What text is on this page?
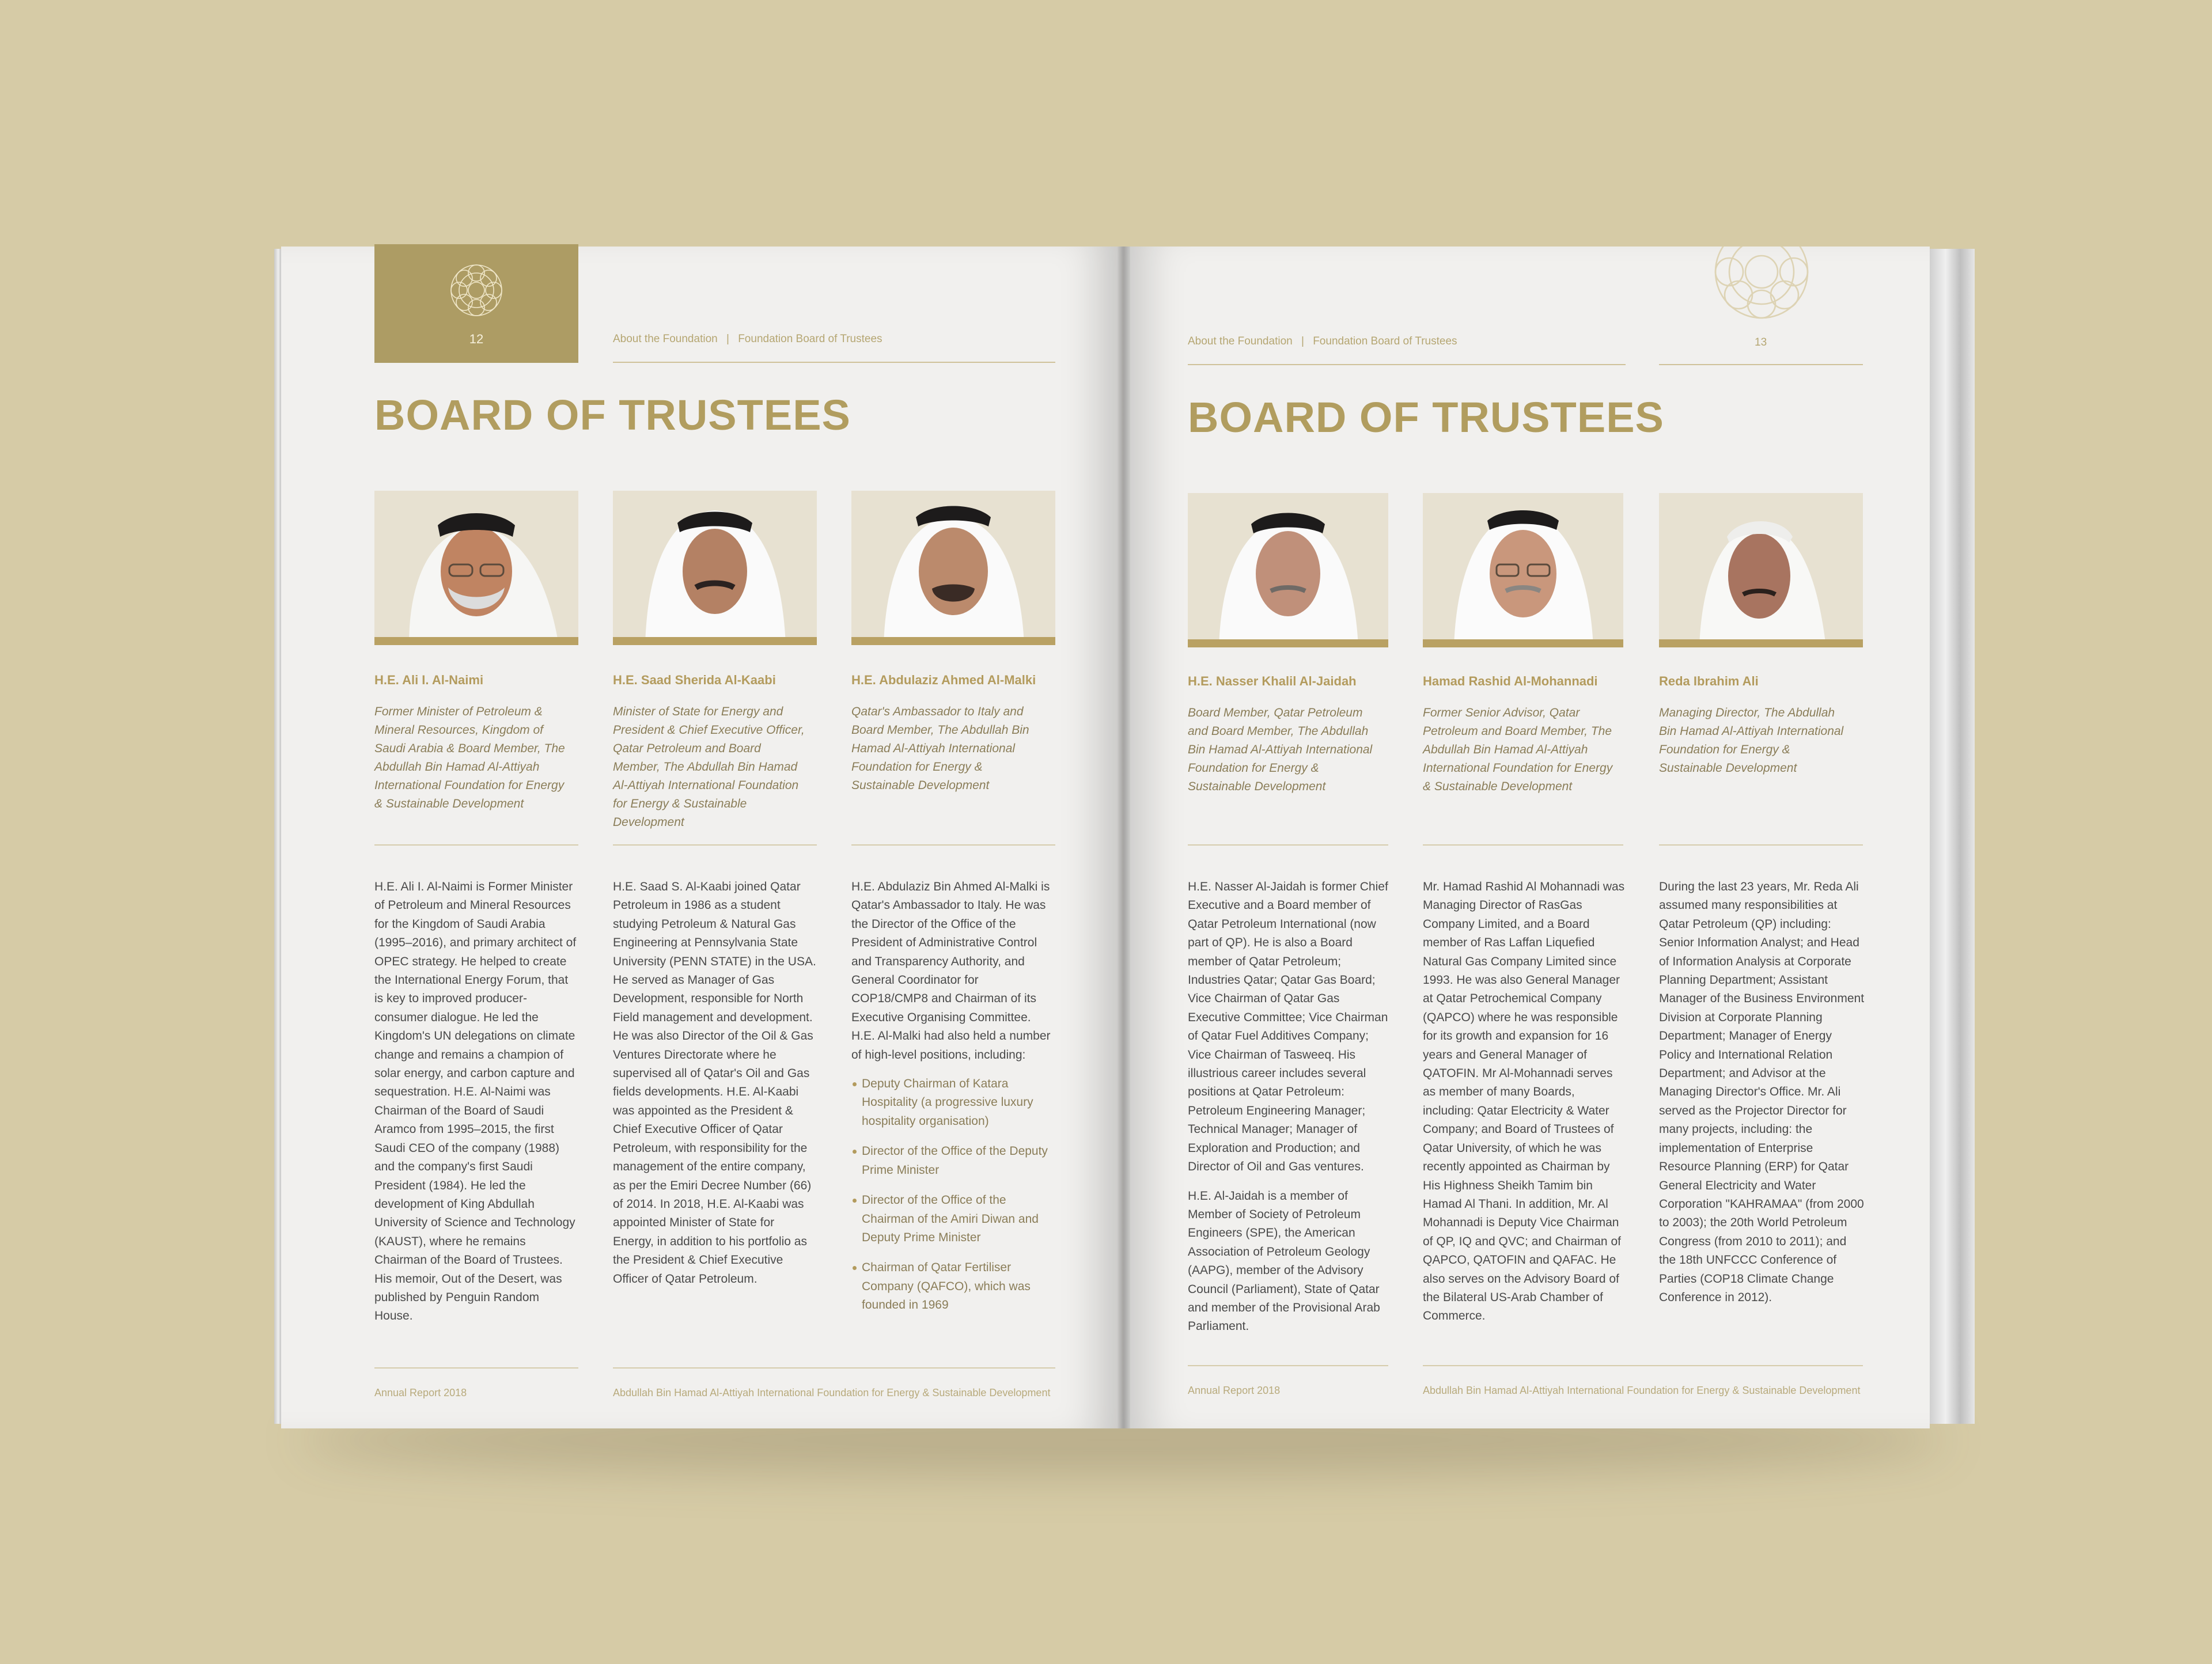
12	About the Foundation | Foundation Board of Trustees
BOARD OF TRUSTEES
H.E. Ali I. Al-Naimi	H.E. Saad Sherida Al-Kaabi	H.E. Abdulaziz Ahmed Al-Malki
Former Minister of Petroleum & Mineral Resources, Kingdom of Saudi Arabia & Board Member, The Abdullah Bin Hamad Al-Attiyah International Foundation for Energy & Sustainable Development
Minister of State for Energy and President & Chief Executive Officer, Qatar Petroleum and Board Member, The Abdullah Bin Hamad Al-Attiyah International Foundation for Energy & Sustainable Development
Qatar's Ambassador to Italy and Board Member, The Abdullah Bin Hamad Al-Attiyah International Foundation for Energy & Sustainable Development

H.E. Ali I. Al-Naimi is Former Minister of Petroleum and Mineral Resources for the Kingdom of Saudi Arabia (1995–2016), and primary architect of OPEC strategy. He helped to create the International Energy Forum, that is key to improved producer-consumer dialogue. He led the Kingdom's UN delegations on climate change and remains a champion of solar energy, and carbon capture and sequestration. H.E. Al-Naimi was Chairman of the Board of Saudi Aramco from 1995–2015, the first Saudi CEO of the company (1988) and the company's first Saudi President (1984). He led the development of King Abdullah University of Science and Technology (KAUST), where he remains Chairman of the Board of Trustees. His memoir, Out of the Desert, was published by Penguin Random House.

H.E. Saad S. Al-Kaabi joined Qatar Petroleum in 1986 as a student studying Petroleum & Natural Gas Engineering at Pennsylvania State University (PENN STATE) in the USA. He served as Manager of Gas Development, responsible for North Field management and development. He was also Director of the Oil & Gas Ventures Directorate where he supervised all of Qatar's Oil and Gas fields developments. H.E. Al-Kaabi was appointed as the President & Chief Executive Officer of Qatar Petroleum, with responsibility for the management of the entire company, as per the Emiri Decree Number (66) of 2014. In 2018, H.E. Al-Kaabi was appointed Minister of State for Energy, in addition to his portfolio as the President & Chief Executive Officer of Qatar Petroleum.

H.E. Abdulaziz Bin Ahmed Al-Malki is Qatar's Ambassador to Italy. He was the Director of the Office of the President of Administrative Control and Transparency Authority, and General Coordinator for COP18/CMP8 and Chairman of its Executive Organising Committee. H.E. Al-Malki had also held a number of high-level positions, including:

Deputy Chairman of Katara Hospitality (a progressive luxury hospitality organisation)
Director of the Office of the Deputy Prime Minister
Director of the Office of the Chairman of the Amiri Diwan and Deputy Prime Minister
Chairman of Qatar Fertiliser Company (QAFCO), which was founded in 1969
Annual Report 2018	Abdullah Bin Hamad Al-Attiyah International Foundation for Energy & Sustainable Development
About the Foundation | Foundation Board of Trustees	13
BOARD OF TRUSTEES
H.E. Nasser Khalil Al-Jaidah	Hamad Rashid Al-Mohannadi	Reda Ibrahim Ali
Board Member, Qatar Petroleum and Board Member, The Abdullah Bin Hamad Al-Attiyah International Foundation for Energy & Sustainable Development
Former Senior Advisor, Qatar Petroleum and Board Member, The Abdullah Bin Hamad Al-Attiyah International Foundation for Energy & Sustainable Development
Managing Director, The Abdullah Bin Hamad Al-Attiyah International Foundation for Energy & Sustainable Development

H.E. Nasser Al-Jaidah is former Chief Executive and a Board member of Qatar Petroleum International (now part of QP). He is also a Board member of Qatar Petroleum; Industries Qatar; Qatar Gas Board; Vice Chairman of Qatar Gas Executive Committee; Vice Chairman of Qatar Fuel Additives Company; Vice Chairman of Tasweeq. His illustrious career includes several positions at Qatar Petroleum: Petroleum Engineering Manager; Technical Manager; Manager of Exploration and Production; and Director of Oil and Gas ventures.

H.E. Al-Jaidah is a member of Member of Society of Petroleum Engineers (SPE), the American Association of Petroleum Geology (AAPG), member of the Advisory Council (Parliament), State of Qatar and member of the Provisional Arab Parliament.

Mr. Hamad Rashid Al Mohannadi was Managing Director of RasGas Company Limited, and a Board member of Ras Laffan Liquefied Natural Gas Company Limited since 1993. He was also General Manager at Qatar Petrochemical Company (QAPCO) where he was responsible for its growth and expansion for 16 years and General Manager of QATOFIN. Mr Al-Mohannadi serves as member of many Boards, including: Qatar Electricity & Water Company; and Board of Trustees of Qatar University, of which he was recently appointed as Chairman by His Highness Sheikh Tamim bin Hamad Al Thani. In addition, Mr. Al Mohannadi is Deputy Vice Chairman of QP, IQ and QVC; and Chairman of QAPCO, QATOFIN and QAFAC. He also serves on the Advisory Board of the Bilateral US-Arab Chamber of Commerce.

During the last 23 years, Mr. Reda Ali assumed many responsibilities at Qatar Petroleum (QP) including: Senior Information Analyst; and Head of Information Analysis at Corporate Planning Department; Assistant Manager of the Business Environment Division at Corporate Planning Department; Manager of Energy Policy and International Relation Department; and Advisor at the Managing Director's Office. Mr. Ali served as the Projector Director for many projects, including: the implementation of Enterprise Resource Planning (ERP) for Qatar General Electricity and Water Corporation "KAHRAMAA" (from 2000 to 2003); the 20th World Petroleum Congress (from 2010 to 2011); and the 18th UNFCCC Conference of Parties (COP18 Climate Change Conference in 2012).

Annual Report 2018	Abdullah Bin Hamad Al-Attiyah International Foundation for Energy & Sustainable Development
